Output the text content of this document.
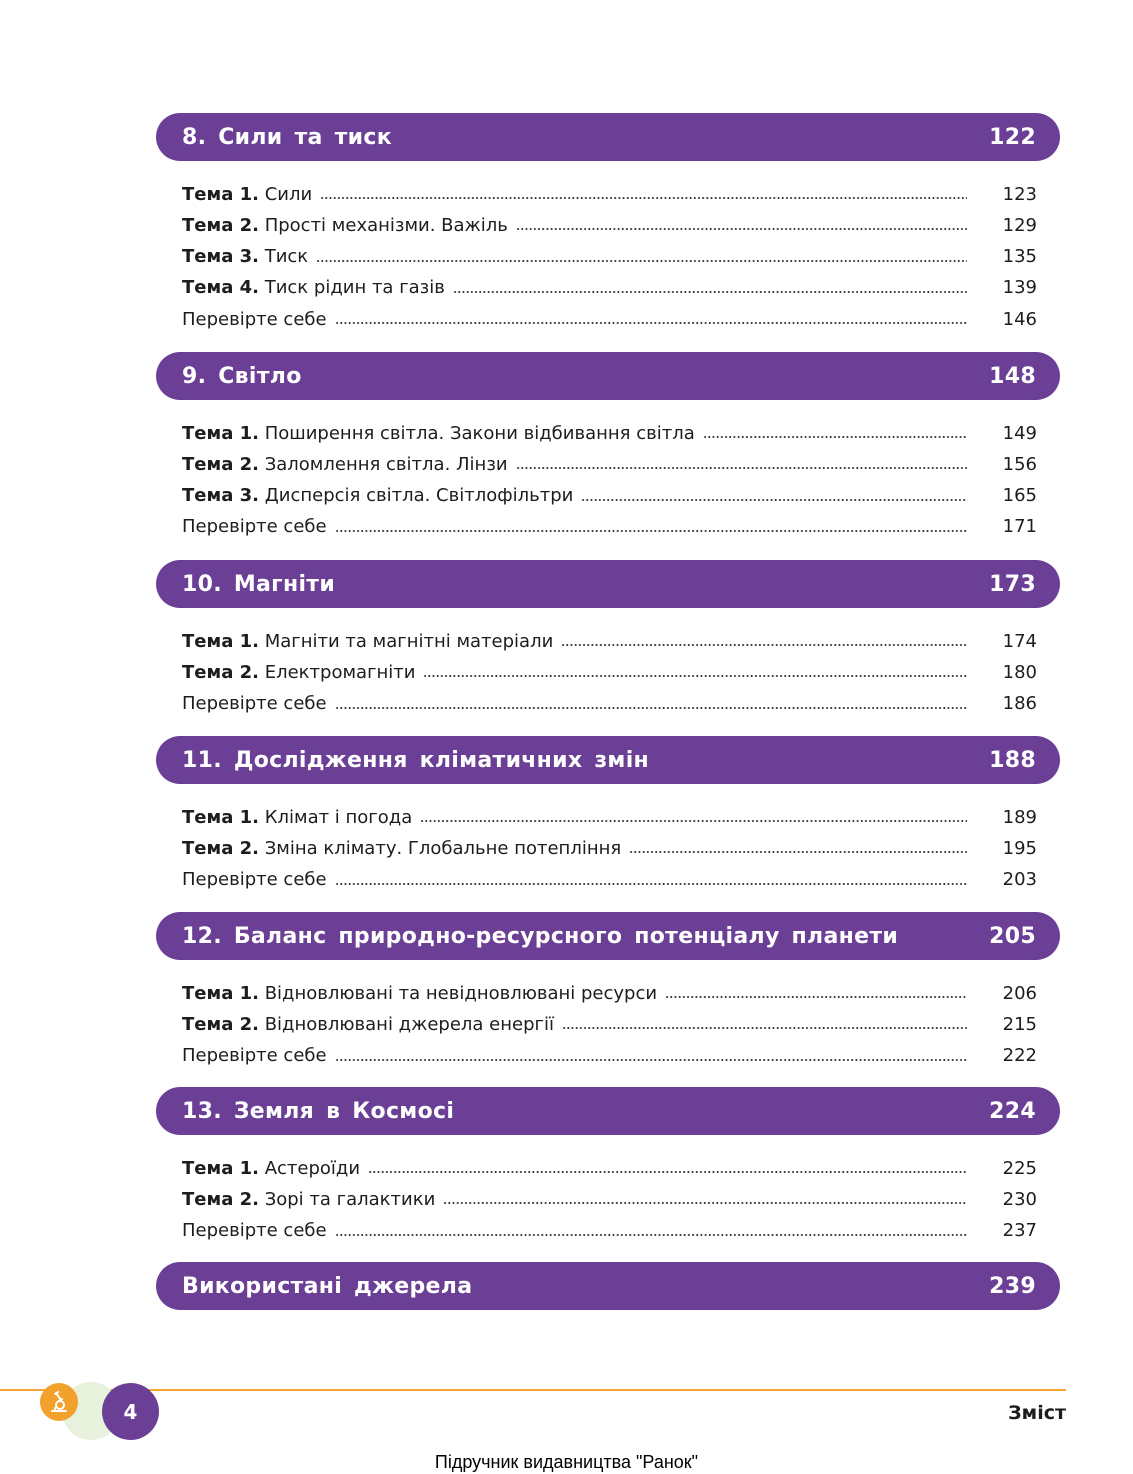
8. Сили та тиск	122
Тема 1. Сили	123
Тема 2. Прості механізми. Важіль	129
Тема 3. Тиск	135
Тема 4. Тиск рідин та газів	139
Перевірте себе	146
9. Світло	148
Тема 1. Поширення світла. Закони відбивання світла	149
Тема 2. Заломлення світла. Лінзи	156
Тема 3. Дисперсія світла. Світлофільтри	165
Перевірте себе	171
10. Магніти	173
Тема 1. Магніти та магнітні матеріали	174
Тема 2. Електромагніти	180
Перевірте себе	186
11. Дослідження кліматичних змін	188
Тема 1. Клімат і погода	189
Тема 2. Зміна клімату. Глобальне потепління	195
Перевірте себе	203
12. Баланс природно-ресурсного потенціалу планети	205
Тема 1. Відновлювані та невідновлювані ресурси	206
Тема 2. Відновлювані джерела енергії	215
Перевірте себе	222
13. Земля в Космосі	224
Тема 1. Астероїди	225
Тема 2. Зорі та галактики	230
Перевірте себе	237
Використані джерела	239
4	Зміст
Підручник видавництва "Ранок"
